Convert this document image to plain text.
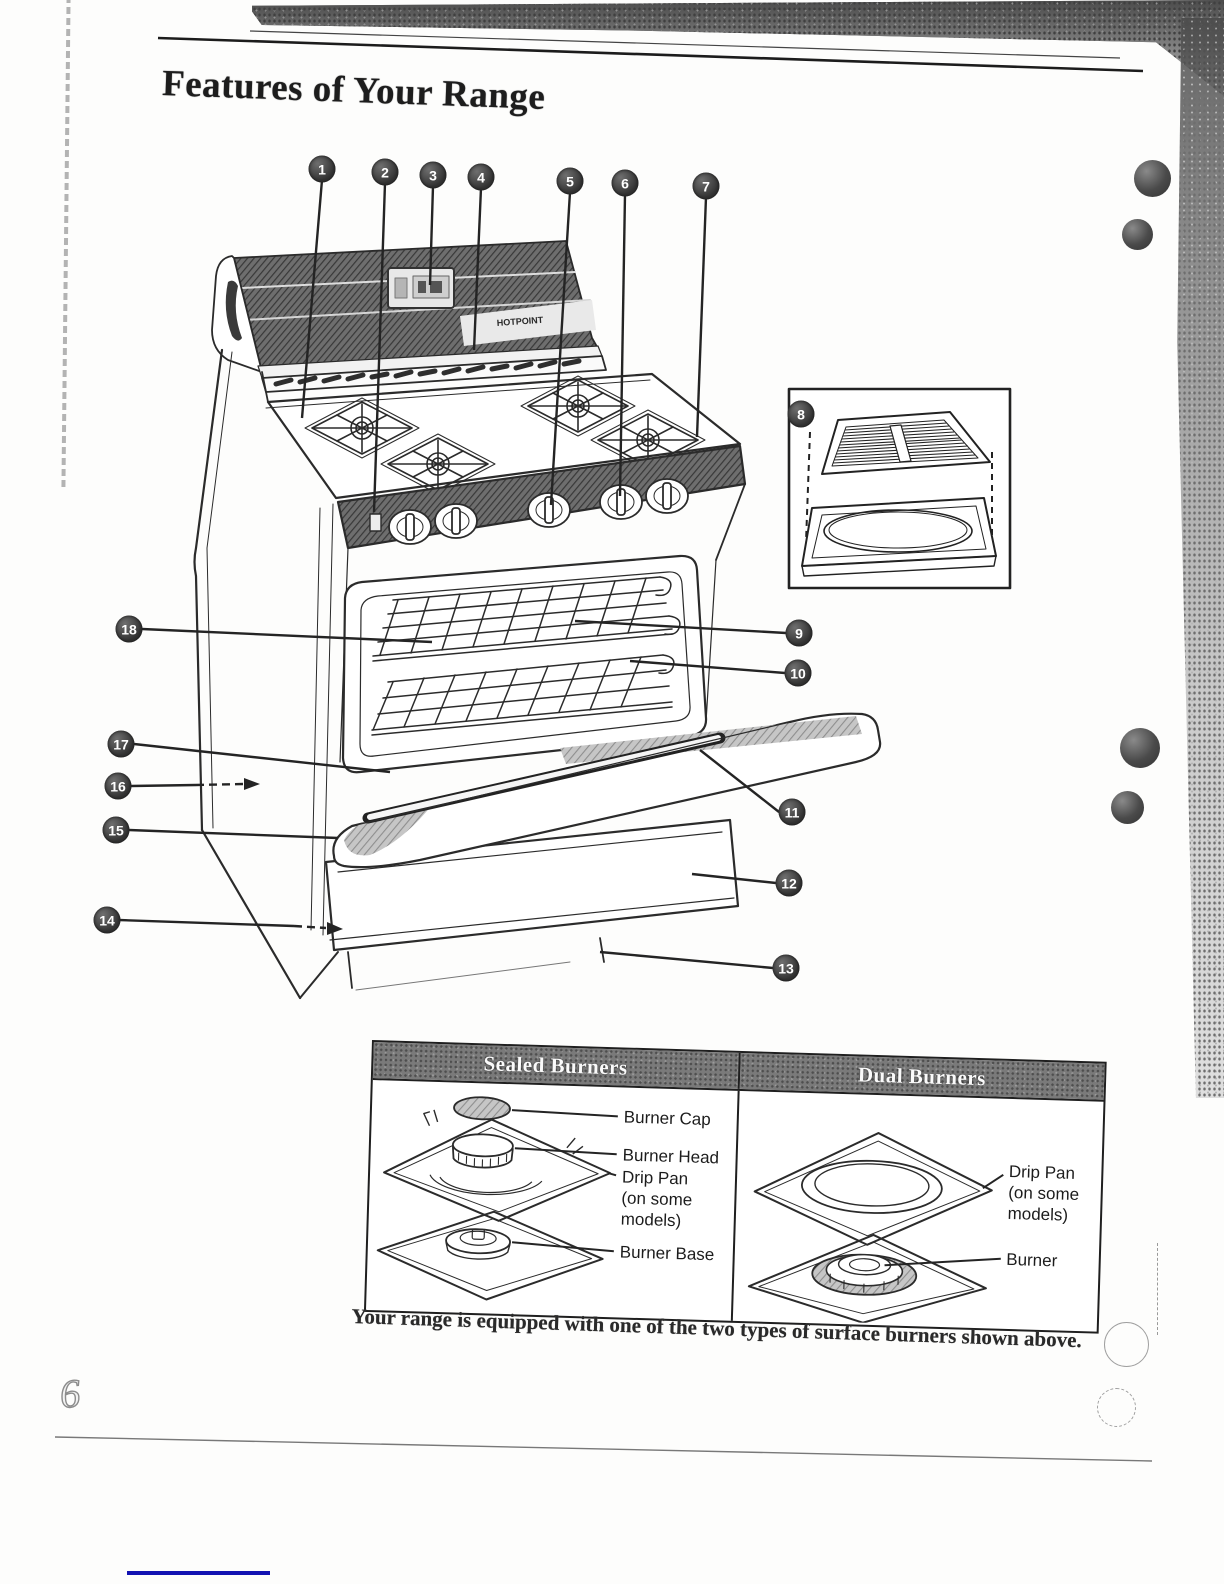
HOTPOINT
1	2	3	4	5	6	7
8
9
10
11
12
13
14
15
16
17
18
Features of Your Range
Sealed Burners	Dual Burners
Burner Cap
Burner Head
Drip Pan
(on some
models)
Burner Base
Drip Pan
(on some
models)
Burner
Your range is equipped with one of the two types of surface burners shown above.
6
